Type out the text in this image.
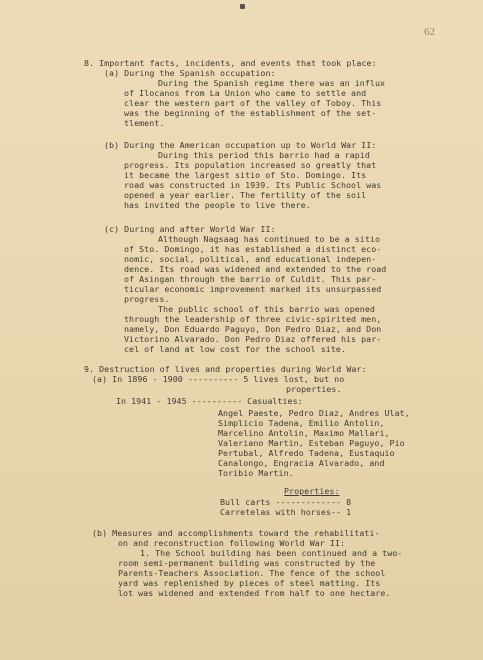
62
8. Important facts, incidents, and events that took place:
(a) During the Spanish occupation:
During the Spanish regime there was an influx
of Ilocanos from La Union who came to settle and
clear the western part of the valley of Toboy. This
was the beginning of the establishment of the set-
tlement.
(b) During the American occupation up to World War II:
During this period this barrio had a rapid
progress. Its population increased so greatly that
it became the largest sitio of Sto. Domingo. Its
road was constructed in 1939. Its Public School was
opened a year earlier. The fertility of the soil
has invited the people to live there.
(c) During and after World War II:
Although Nagsaag has continued to be a sitio
of Sto. Domingo, it has established a distinct eco-
nomic, social, political, and educational indepen-
dence. Its road was widened and extended to the road
of Asingan through the barrio of Culdit. This par-
ticular economic improvement marked its unsurpassed
progress.
The public school of this barrio was opened
through the leadership of three civic-spirited men,
namely, Don Eduardo Paguyo, Don Pedro Diaz, and Don
Victorino Alvarado. Don Pedro Diaz offered his par-
cel of land at low cost for the school site.
9. Destruction of lives and properties during World War:
(a) In 1896 - 1900 ---------- 5 lives lost, but no
properties.
In 1941 - 1945 ---------- Casualties:
Angel Paeste, Pedro Diaz, Andres Ulat,
Simplicio Tadena, Emilio Antolin,
Marcelino Antolin, Maximo Mallari,
Valeriano Martin, Esteban Paguyo, Pio
Pertubal, Alfredo Tadena, Eustaquio
Canalongo, Engracia Alvarado, and
Toribio Martin.
Properties:
Bull carts ------------- 8
Carretelas with horses-- 1
(b) Measures and accomplishments toward the rehabilitati-
on and reconstruction following World War II:
1. The School building has been continued and a two-
room semi-permanent building was constructed by the
Parents-Teachers Association. The fence of the school
yard was replenished by pieces of steel matting. Its
lot was widened and extended from half to one hectare.
